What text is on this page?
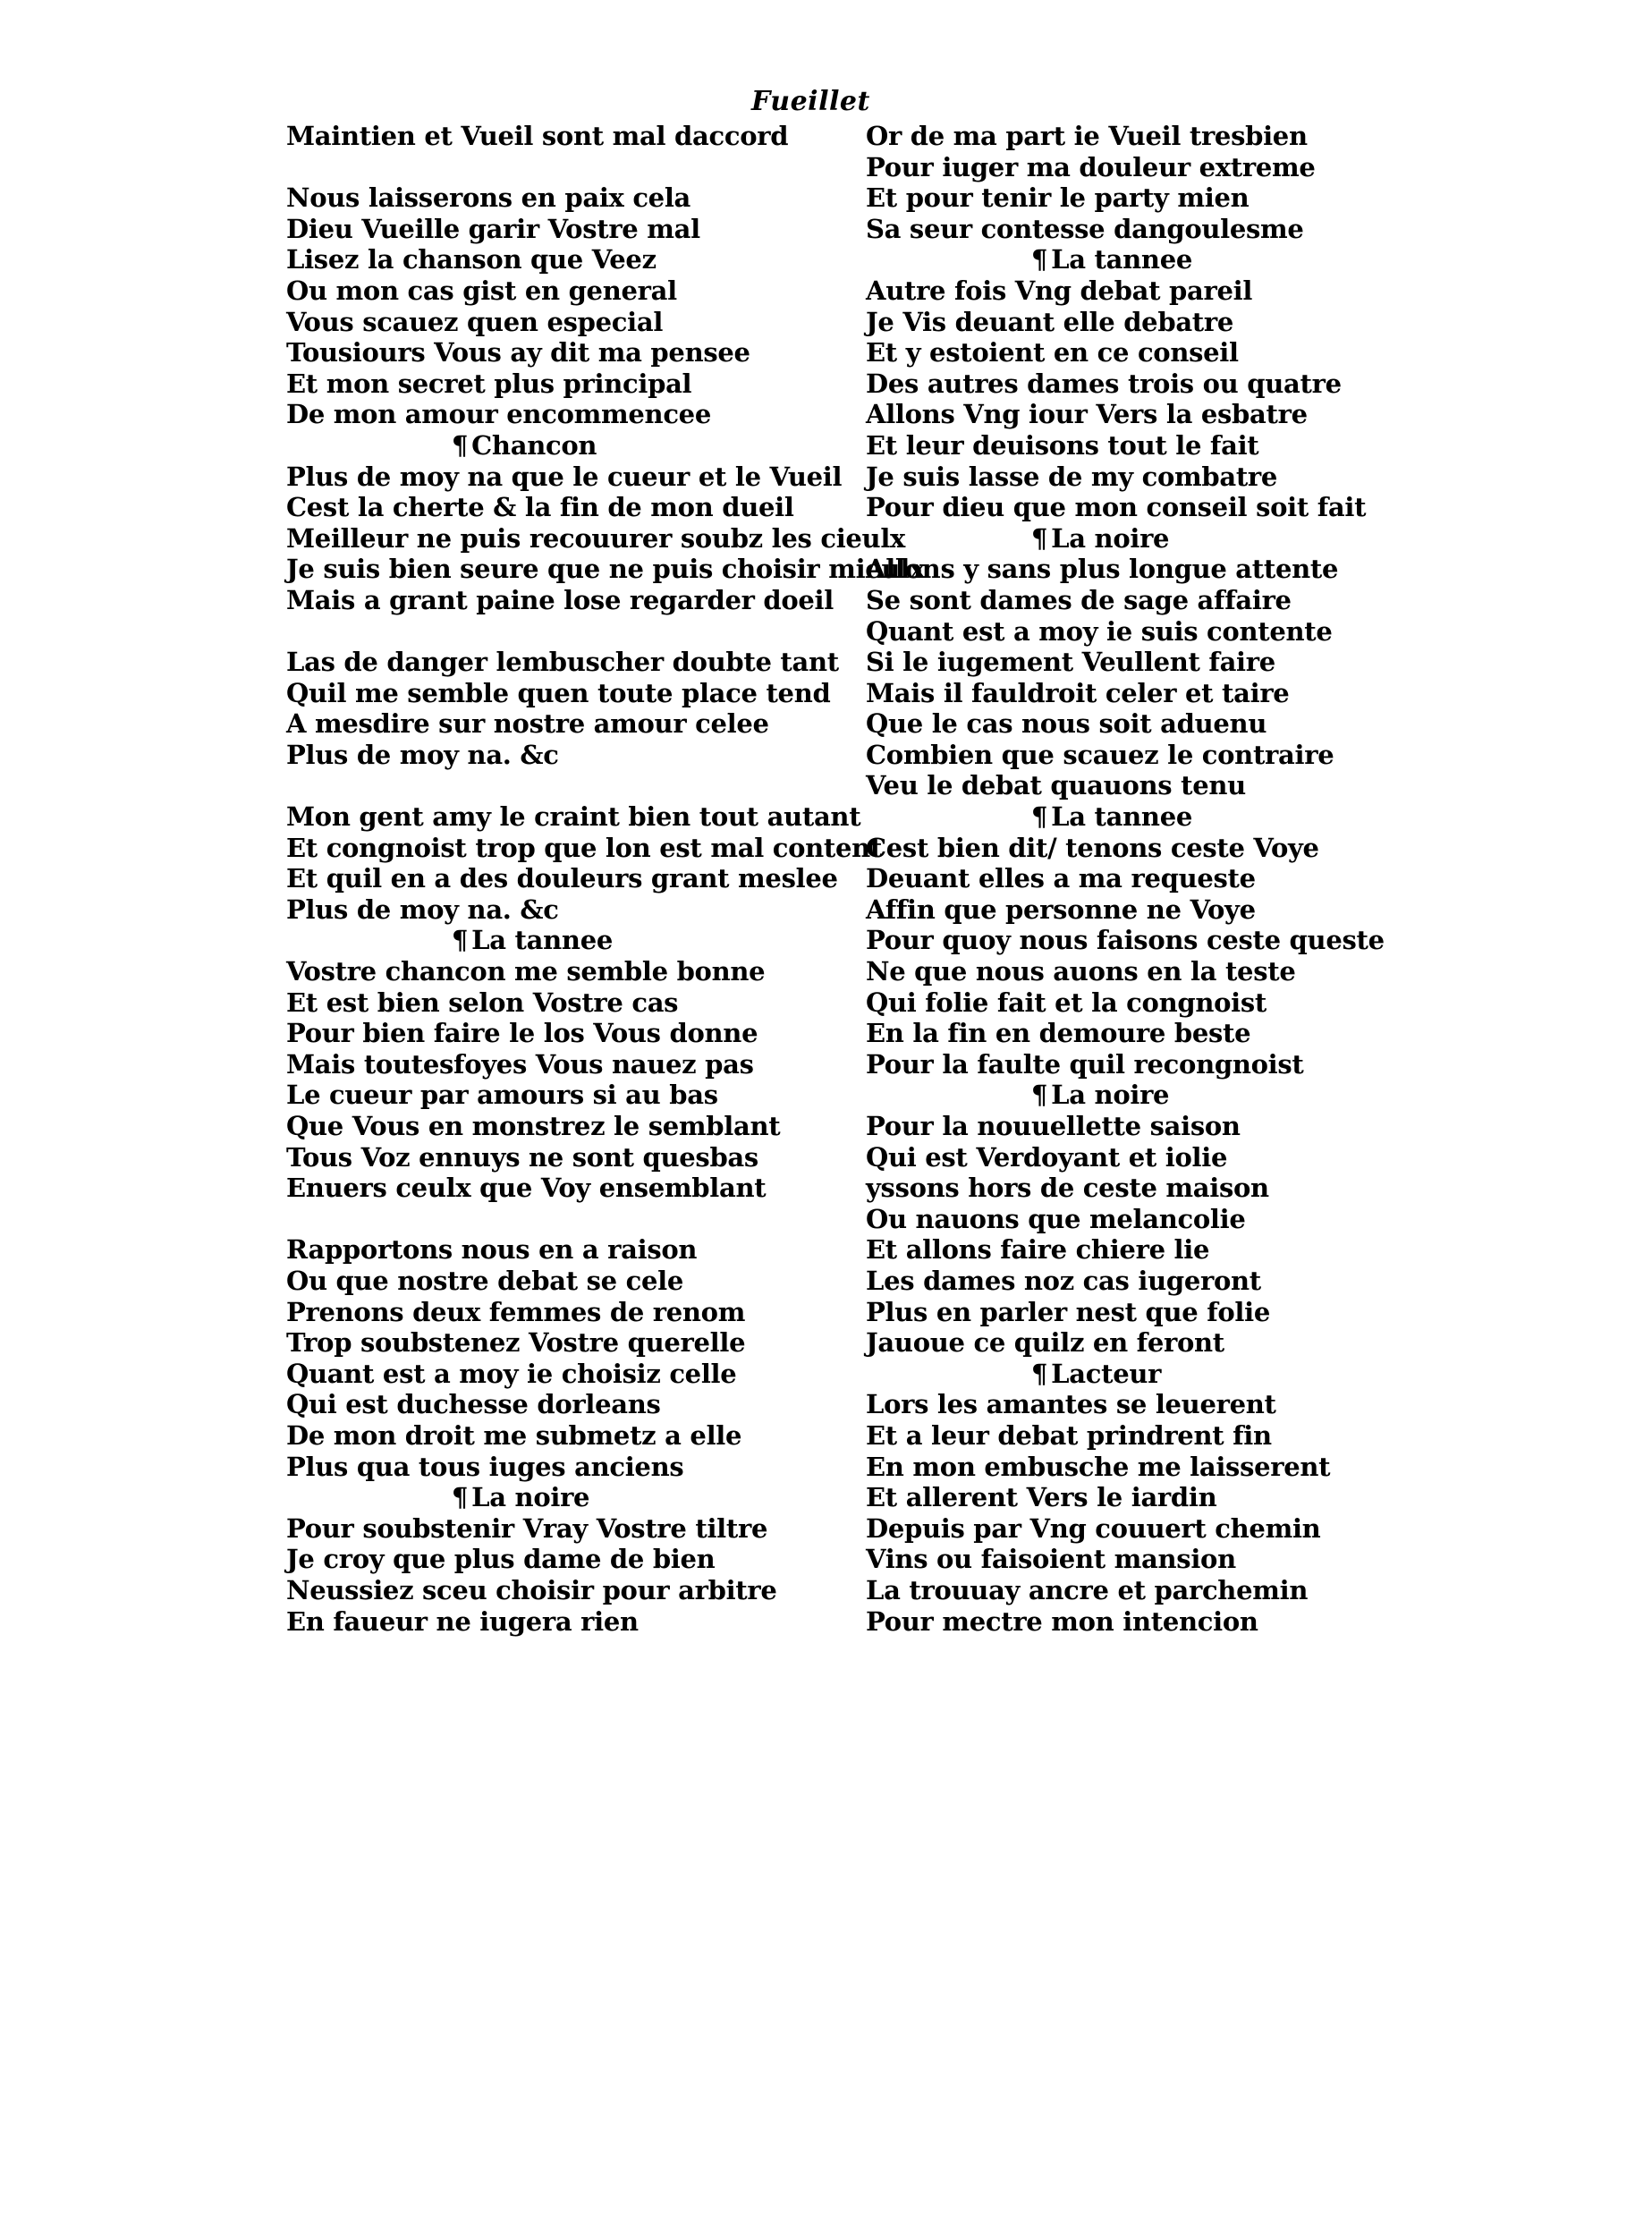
Fueillet
Maintien et Vueil sont mal daccord
Nous laisserons en paix cela
Dieu Vueille garir Vostre mal
Lisez la chanson que Veez
Ou mon cas gist en general
Vous scauez quen especial
Tousiours Vous ay dit ma pensee
Et mon secret plus principal
De mon amour encommencee
¶ Chancon
Plus de moy na que le cueur et le Vueil
Cest la cherte & la fin de mon dueil
Meilleur ne puis recouurer soubz les cieulx
Je suis bien seure que ne puis choisir mieulx
Mais a grant paine lose regarder doeil
Las de danger lembuscher doubte tant
Quil me semble quen toute place tend
A mesdire sur nostre amour celee
Plus de moy na. &c
Mon gent amy le craint bien tout autant
Et congnoist trop que lon est mal content
Et quil en a des douleurs grant meslee
Plus de moy na. &c
¶ La tannee
Vostre chancon me semble bonne
Et est bien selon Vostre cas
Pour bien faire le los Vous donne
Mais toutesfoyes Vous nauez pas
Le cueur par amours si au bas
Que Vous en monstrez le semblant
Tous Voz ennuys ne sont quesbas
Enuers ceulx que Voy ensemblant
Rapportons nous en a raison
Ou que nostre debat se cele
Prenons deux femmes de renom
Trop soubstenez Vostre querelle
Quant est a moy ie choisiz celle
Qui est duchesse dorleans
De mon droit me submetz a elle
Plus qua tous iuges anciens
¶ La noire
Pour soubstenir Vray Vostre tiltre
Je croy que plus dame de bien
Neussiez sceu choisir pour arbitre
En faueur ne iugera rien
Or de ma part ie Vueil tresbien
Pour iuger ma douleur extreme
Et pour tenir le party mien
Sa seur contesse dangoulesme
¶ La tannee
Autre fois Vng debat pareil
Je Vis deuant elle debatre
Et y estoient en ce conseil
Des autres dames trois ou quatre
Allons Vng iour Vers la esbatre
Et leur deuisons tout le fait
Je suis lasse de my combatre
Pour dieu que mon conseil soit fait
¶ La noire
Allons y sans plus longue attente
Se sont dames de sage affaire
Quant est a moy ie suis contente
Si le iugement Veullent faire
Mais il fauldroit celer et taire
Que le cas nous soit aduenu
Combien que scauez le contraire
Veu le debat quauons tenu
¶ La tannee
Cest bien dit/ tenons ceste Voye
Deuant elles a ma requeste
Affin que personne ne Voye
Pour quoy nous faisons ceste queste
Ne que nous auons en la teste
Qui folie fait et la congnoist
En la fin en demoure beste
Pour la faulte quil recongnoist
¶ La noire
Pour la nouuellette saison
Qui est Verdoyant et iolie
yssons hors de ceste maison
Ou nauons que melancolie
Et allons faire chiere lie
Les dames noz cas iugeront
Plus en parler nest que folie
Jauoue ce quilz en feront
¶ Lacteur
Lors les amantes se leuerent
Et a leur debat prindrent fin
En mon embusche me laisserent
Et allerent Vers le iardin
Depuis par Vng couuert chemin
Vins ou faisoient mansion
La trouuay ancre et parchemin
Pour mectre mon intencion
